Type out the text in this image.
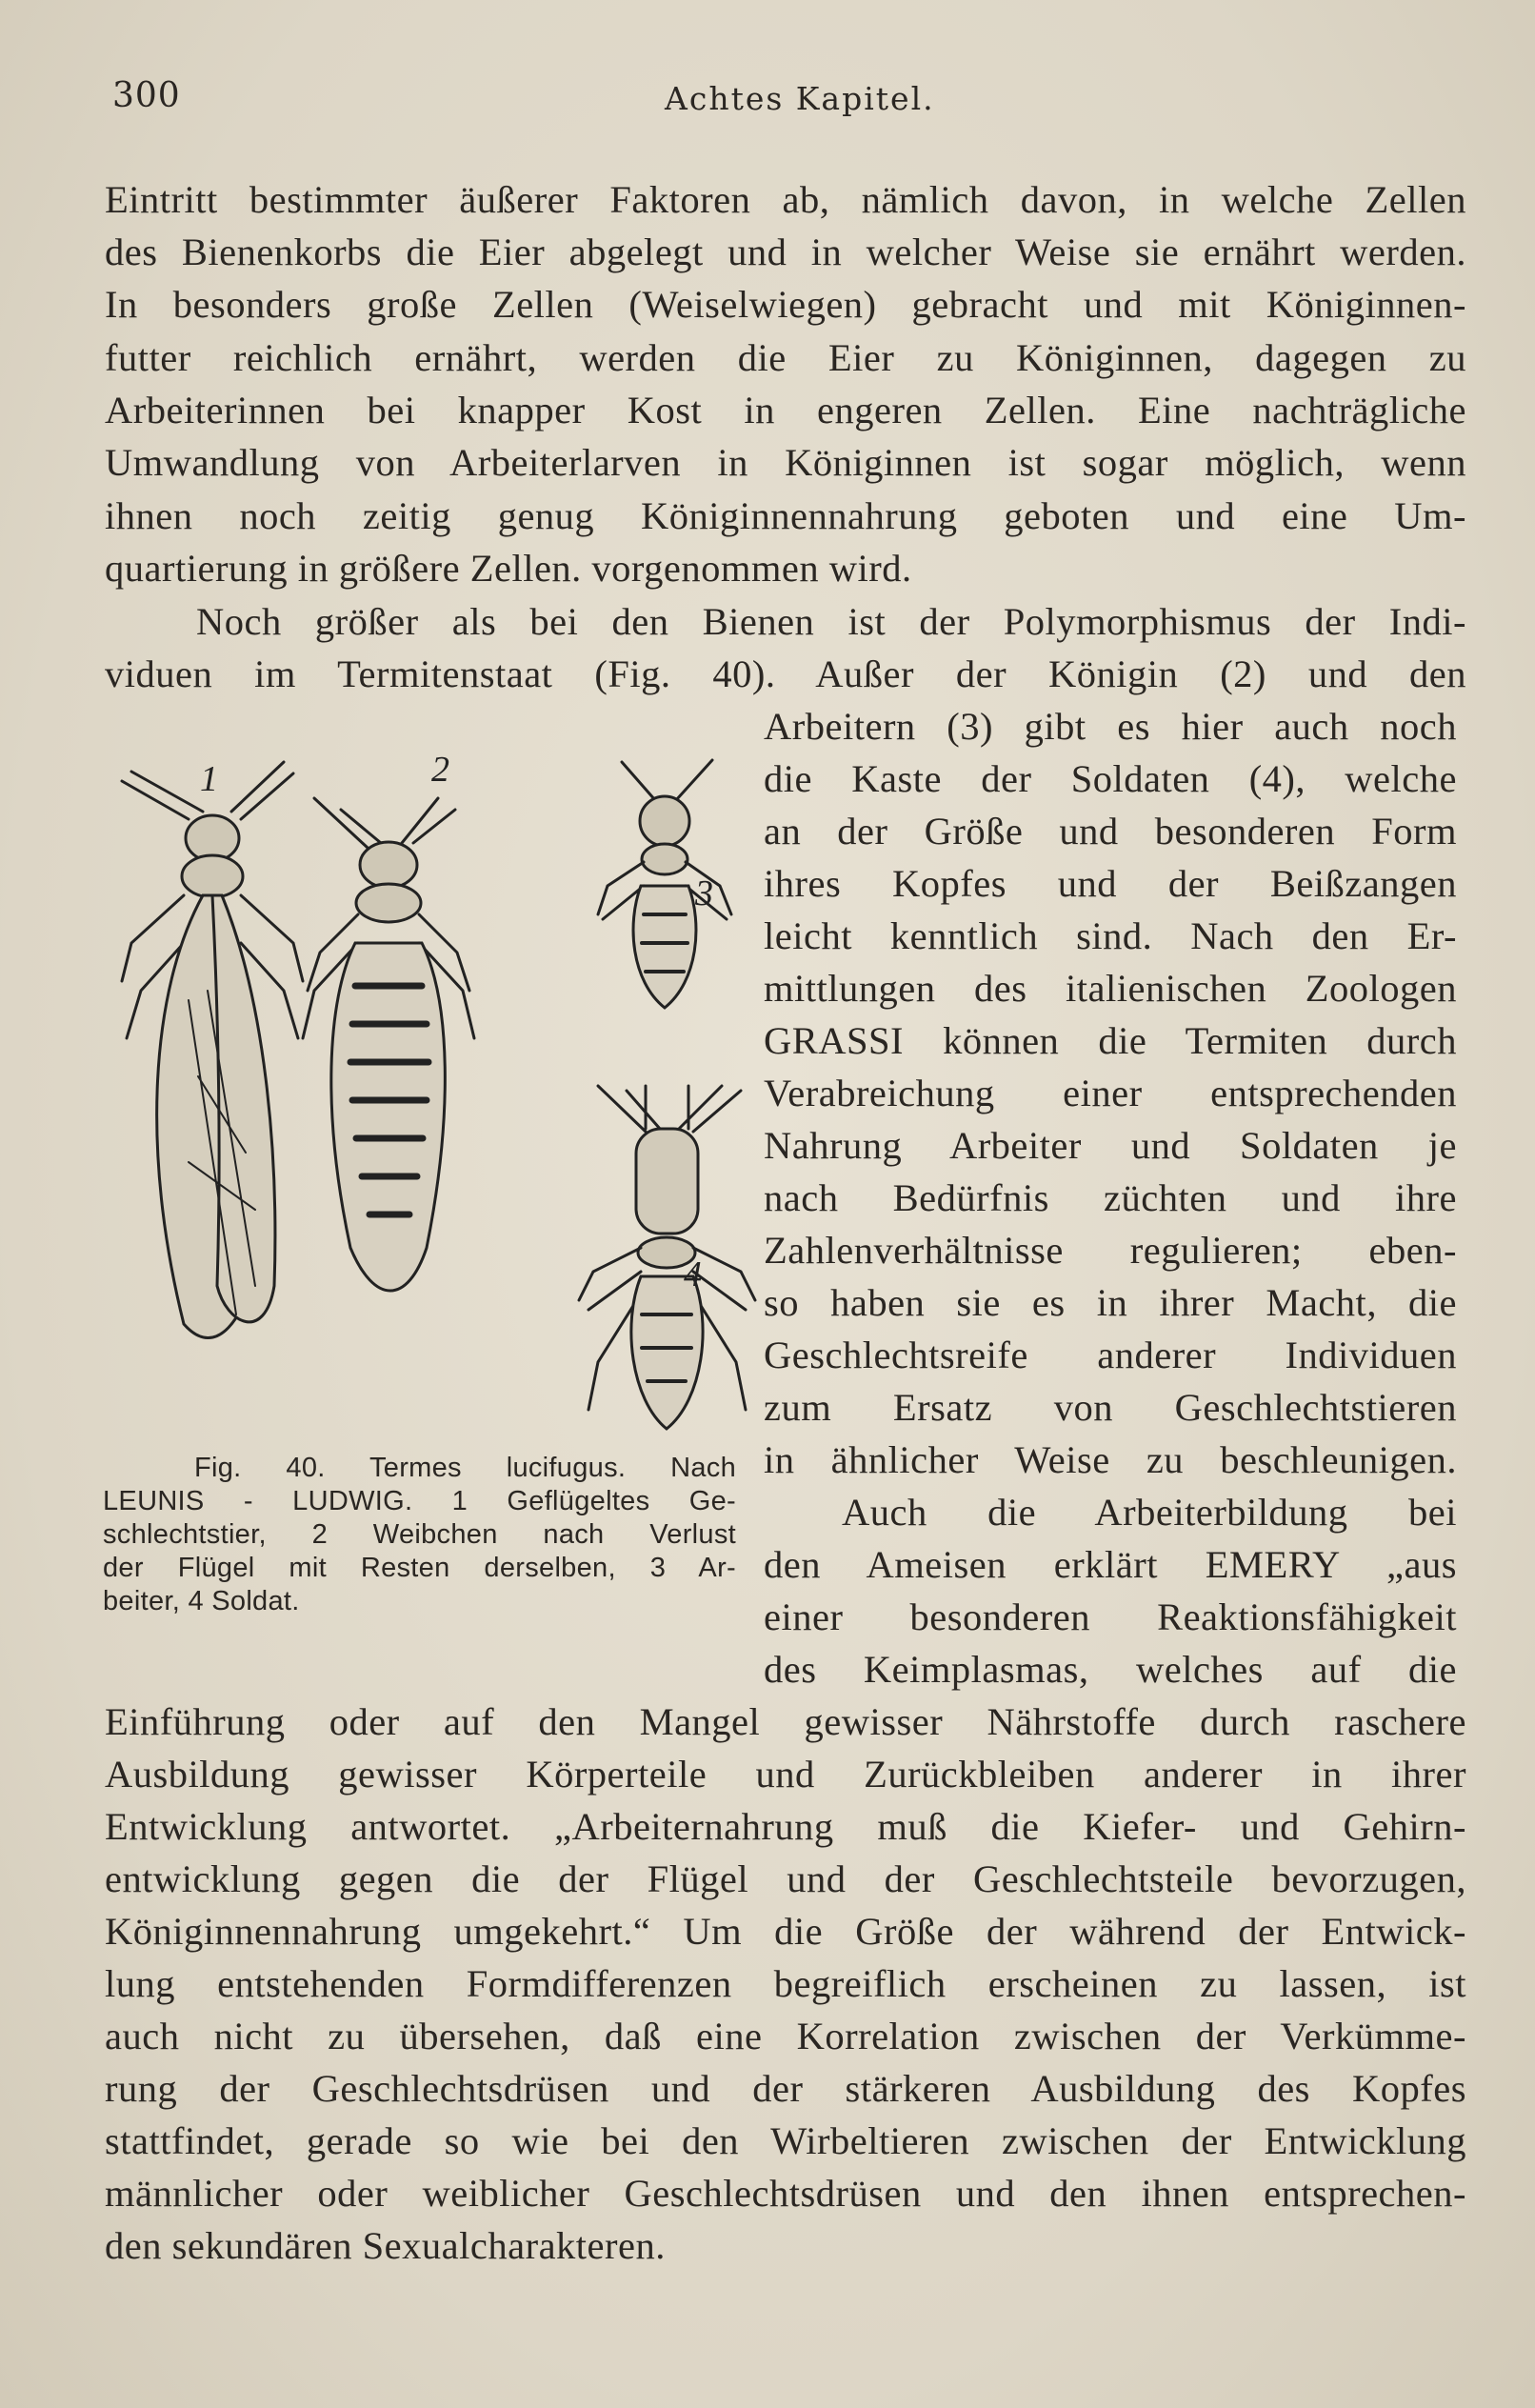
300	Achtes Kapitel.
Eintritt bestimmter äußerer Faktoren ab, nämlich davon, in welche Zellen
des Bienenkorbs die Eier abgelegt und in welcher Weise sie ernährt werden.
In besonders große Zellen (Weiselwiegen) gebracht und mit Königinnen-
futter reichlich ernährt, werden die Eier zu Königinnen, dagegen zu
Arbeiterinnen bei knapper Kost in engeren Zellen. Eine nachträgliche
Umwandlung von Arbeiterlarven in Königinnen ist sogar möglich, wenn
ihnen noch zeitig genug Königinnennahrung geboten und eine Um-
quartierung in größere Zellen. vorgenommen wird.
Noch größer als bei den Bienen ist der Polymorphismus der Indi-
viduen im Termitenstaat (Fig. 40). Außer der Königin (2) und den
Arbeitern (3) gibt es hier auch noch
die Kaste der Soldaten (4), welche
an der Größe und besonderen Form
ihres Kopfes und der Beißzangen
leicht kenntlich sind. Nach den Er-
mittlungen des italienischen Zoologen
GRASSI können die Termiten durch
Verabreichung einer entsprechenden
Nahrung Arbeiter und Soldaten je
nach Bedürfnis züchten und ihre
Zahlenverhältnisse regulieren; eben-
so haben sie es in ihrer Macht, die
Geschlechtsreife anderer Individuen
zum Ersatz von Geschlechtstieren
in ähnlicher Weise zu beschleunigen.
Auch die Arbeiterbildung bei
den Ameisen erklärt EMERY „aus
einer besonderen Reaktionsfähigkeit
des Keimplasmas, welches auf die
Einführung oder auf den Mangel gewisser Nährstoffe durch raschere
Ausbildung gewisser Körperteile und Zurückbleiben anderer in ihrer
Entwicklung antwortet. „Arbeiternahrung muß die Kiefer- und Gehirn-
entwicklung gegen die der Flügel und der Geschlechtsteile bevorzugen,
Königinnennahrung umgekehrt.“ Um die Größe der während der Entwick-
lung entstehenden Formdifferenzen begreiflich erscheinen zu lassen, ist
auch nicht zu übersehen, daß eine Korrelation zwischen der Verkümme-
rung der Geschlechtsdrüsen und der stärkeren Ausbildung des Kopfes
stattfindet, gerade so wie bei den Wirbeltieren zwischen der Entwicklung
männlicher oder weiblicher Geschlechtsdrüsen und den ihnen entsprechen-
den sekundären Sexualcharakteren.
1	2
3
4
Fig. 40. Termes lucifugus. Nach
LEUNIS - LUDWIG. 1 Geflügeltes Ge-
schlechtstier, 2 Weibchen nach Verlust
der Flügel mit Resten derselben, 3 Ar-
beiter, 4 Soldat.
